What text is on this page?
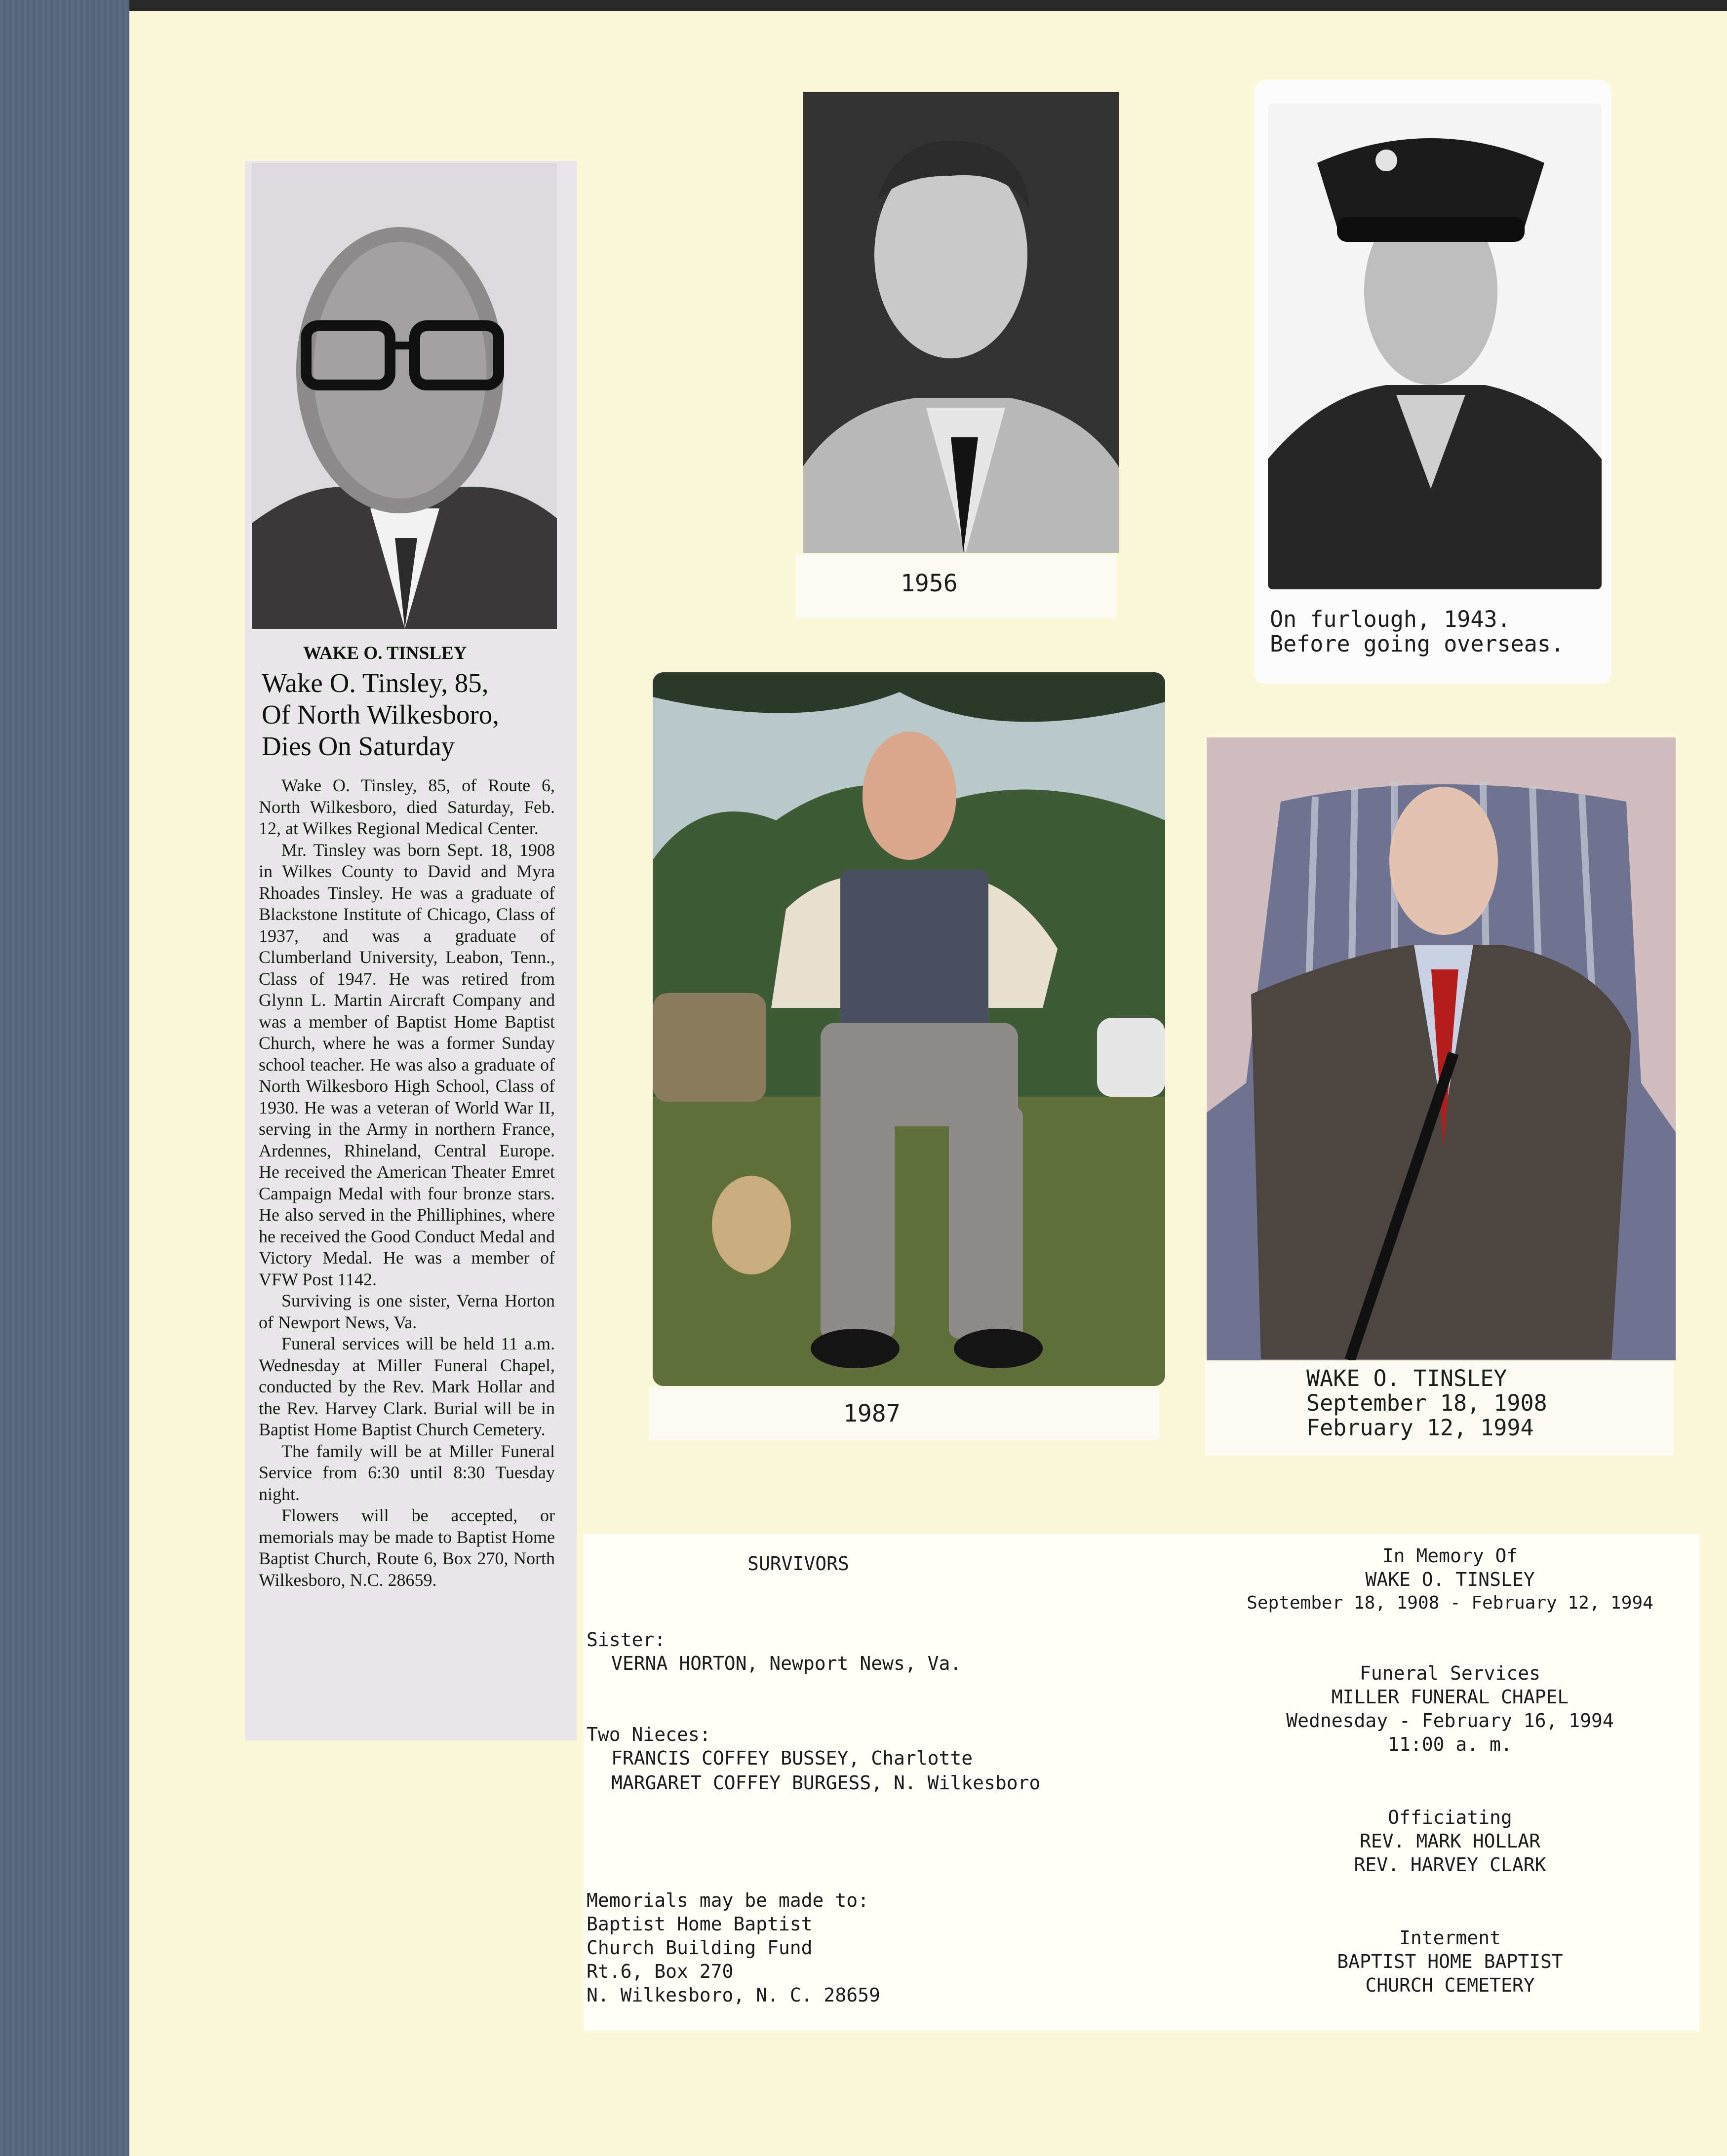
WAKE O. TINSLEY
Wake O. Tinsley, 85,
Of North Wilkesboro,
Dies On Saturday

Wake O. Tinsley, 85, of Route 6, North Wilkesboro, died Saturday, Feb. 12, at Wilkes Regional Medical Center.

Mr. Tinsley was born Sept. 18, 1908 in Wilkes County to David and Myra Rhoades Tinsley. He was a graduate of Blackstone Institute of Chicago, Class of 1937, and was a graduate of Clumberland University, Leabon, Tenn., Class of 1947. He was retired from Glynn L. Martin Aircraft Company and was a member of Baptist Home Baptist Church, where he was a former Sunday school teacher. He was also a graduate of North Wilkesboro High School, Class of 1930. He was a veteran of World War II, serving in the Army in northern France, Ardennes, Rhineland, Central Europe. He received the American Theater Emret Campaign Medal with four bronze stars. He also served in the Philliphines, where he received the Good Conduct Medal and Victory Medal. He was a member of VFW Post 1142.

Surviving is one sister, Verna Horton of Newport News, Va.

Funeral services will be held 11 a.m. Wednesday at Miller Funeral Chapel, conducted by the Rev. Mark Hollar and the Rev. Harvey Clark. Burial will be in Baptist Home Baptist Church Cemetery.

The family will be at Miller Funeral Service from 6:30 until 8:30 Tuesday night.

Flowers will be accepted, or memorials may be made to Baptist Home Baptist Church, Route 6, Box 270, North Wilkesboro, N.C. 28659.

1956
On furlough, 1943.
Before going overseas.
1987
WAKE O. TINSLEY
September 18, 1908
February 12, 1994
SURVIVORS
Sister:
VERNA HORTON, Newport News, Va.
Two Nieces:
FRANCIS COFFEY BUSSEY, Charlotte
MARGARET COFFEY BURGESS, N. Wilkesboro
Memorials may be made to:
Baptist Home Baptist
Church Building Fund
Rt.6, Box 270
N. Wilkesboro, N. C. 28659
In Memory Of
WAKE O. TINSLEY
September 18, 1908 - February 12, 1994
Funeral Services
MILLER FUNERAL CHAPEL
Wednesday - February 16, 1994
11:00 a. m.
Officiating
REV. MARK HOLLAR
REV. HARVEY CLARK
Interment
BAPTIST HOME BAPTIST
CHURCH CEMETERY
